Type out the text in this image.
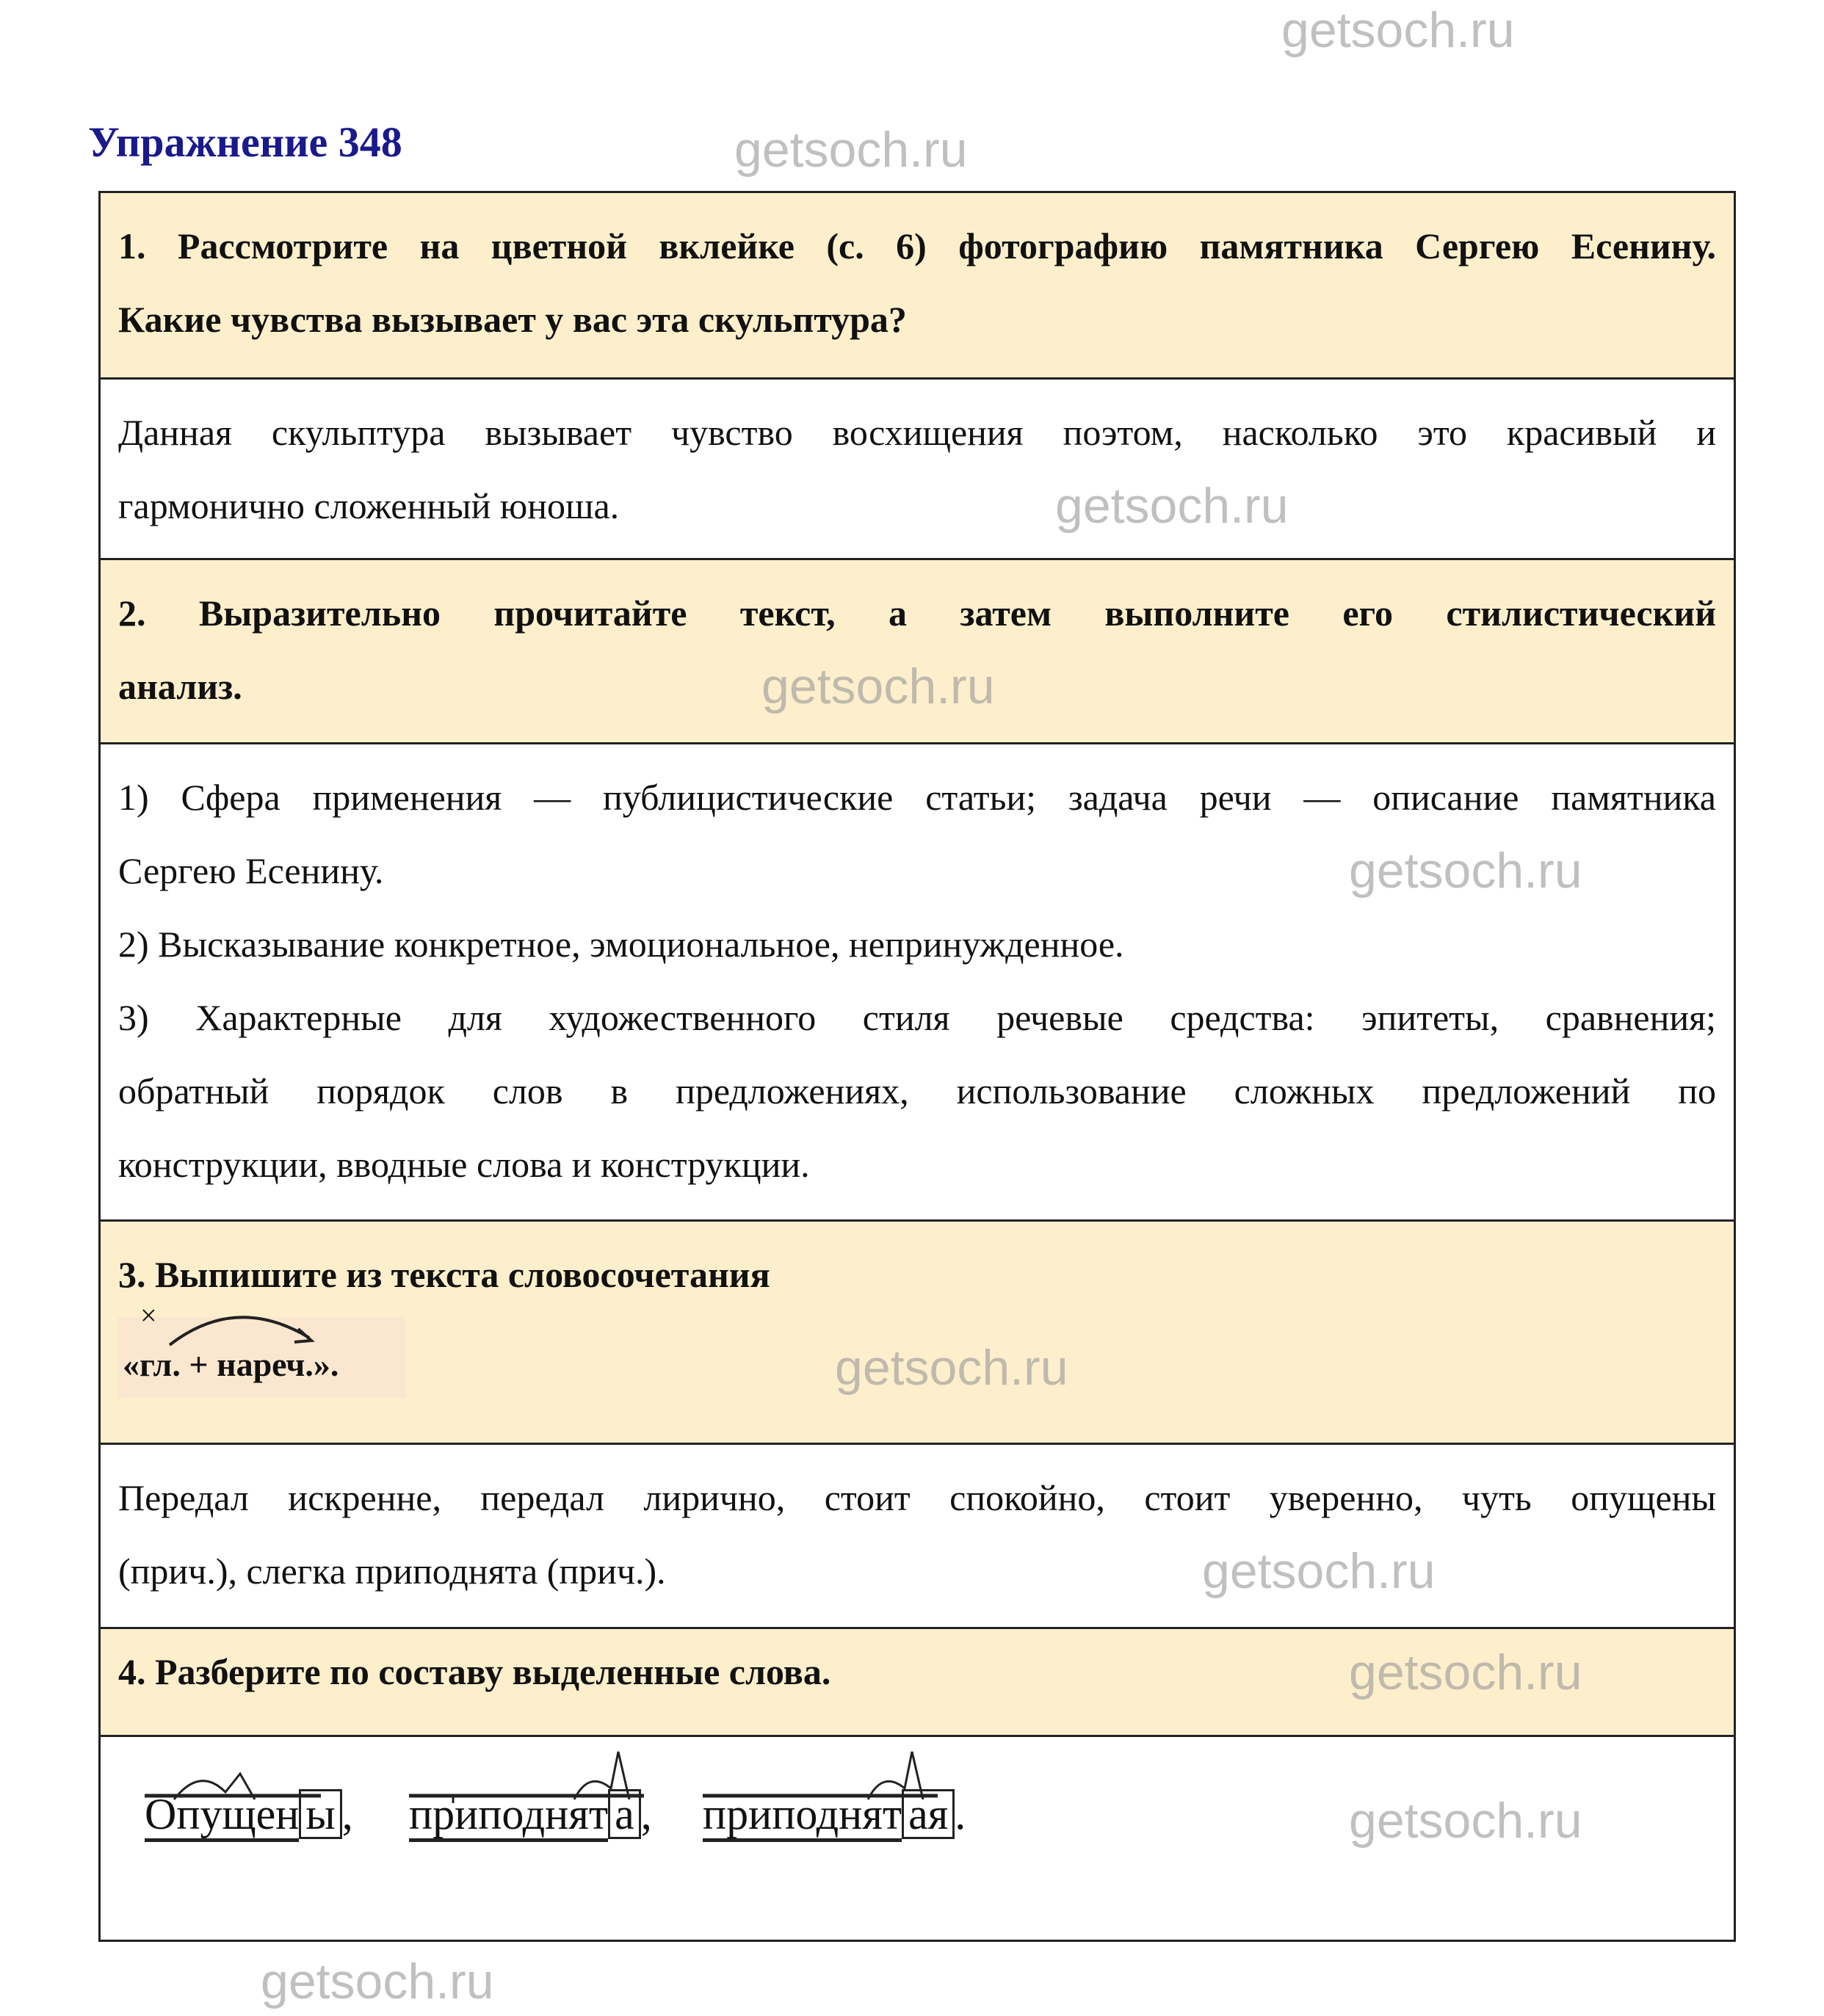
getsoch.ru
Упражнение 348	getsoch.ru
1. Рассмотрите на цветной вклейке (с. 6) фотографию памятника Сергею Есенину.
Какие чувства вызывает у вас эта скульптура?
Данная скульптура вызывает чувство восхищения поэтом, насколько это красивый и
гармонично сложенный юноша.	getsoch.ru
2. Выразительно прочитайте текст, а затем выполните его стилистический
анализ.	getsoch.ru
1) Сфера применения — публицистические статьи; задача речи — описание памятника
Сергею Есенину.
2) Высказывание конкретное, эмоциональное, непринужденное.
3) Характерные для художественного стиля речевые средства: эпитеты, сравнения;
обратный порядок слов в предложениях, использование сложных предложений по
конструкции, вводные слова и конструкции.
getsoch.ru
3. Выпишите из текста словосочетания
×
«гл. + нареч.».	getsoch.ru
Передал искренне, передал лирично, стоит спокойно, стоит уверенно, чуть опущены
(прич.), слегка приподнята (прич.).	getsoch.ru
4. Разберите по составу выделенные слова.	getsoch.ru
Опущен ы , приподнят а , приподнят ая .	getsoch.ru
getsoch.ru
